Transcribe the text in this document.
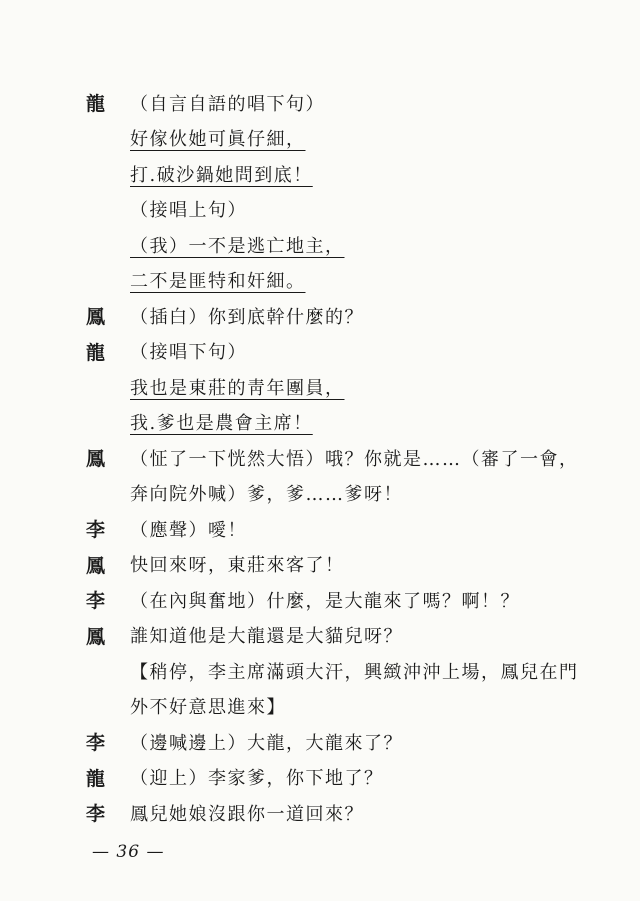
龍	（自言自語的唱下句）
好傢伙她可眞仔細，
打.破沙鍋她問到底！
（接唱上句）
（我）一不是逃亡地主，
二不是匪特和奸細。
鳳	（插白）你到底幹什麼的？
龍	（接唱下句）
我也是東莊的靑年團員，
我.爹也是農會主席！
鳳	（怔了一下恍然大悟）哦？你就是……（審了一會，
奔向院外喊）爹，爹……爹呀！
李	（應聲）噯！
鳳	快回來呀，東莊來客了！
李	（在內與奮地）什麼，是大龍來了嗎？啊！？
鳳	誰知道他是大龍還是大貓兒呀？
【稍停，李主席滿頭大汗，興緻沖沖上場，鳳兒在門
外不好意思進來】
李	（邊喊邊上）大龍，大龍來了？
龍	（迎上）李家爹，你下地了？
李	鳳兒她娘沒跟你一道回來？
— 36 —
